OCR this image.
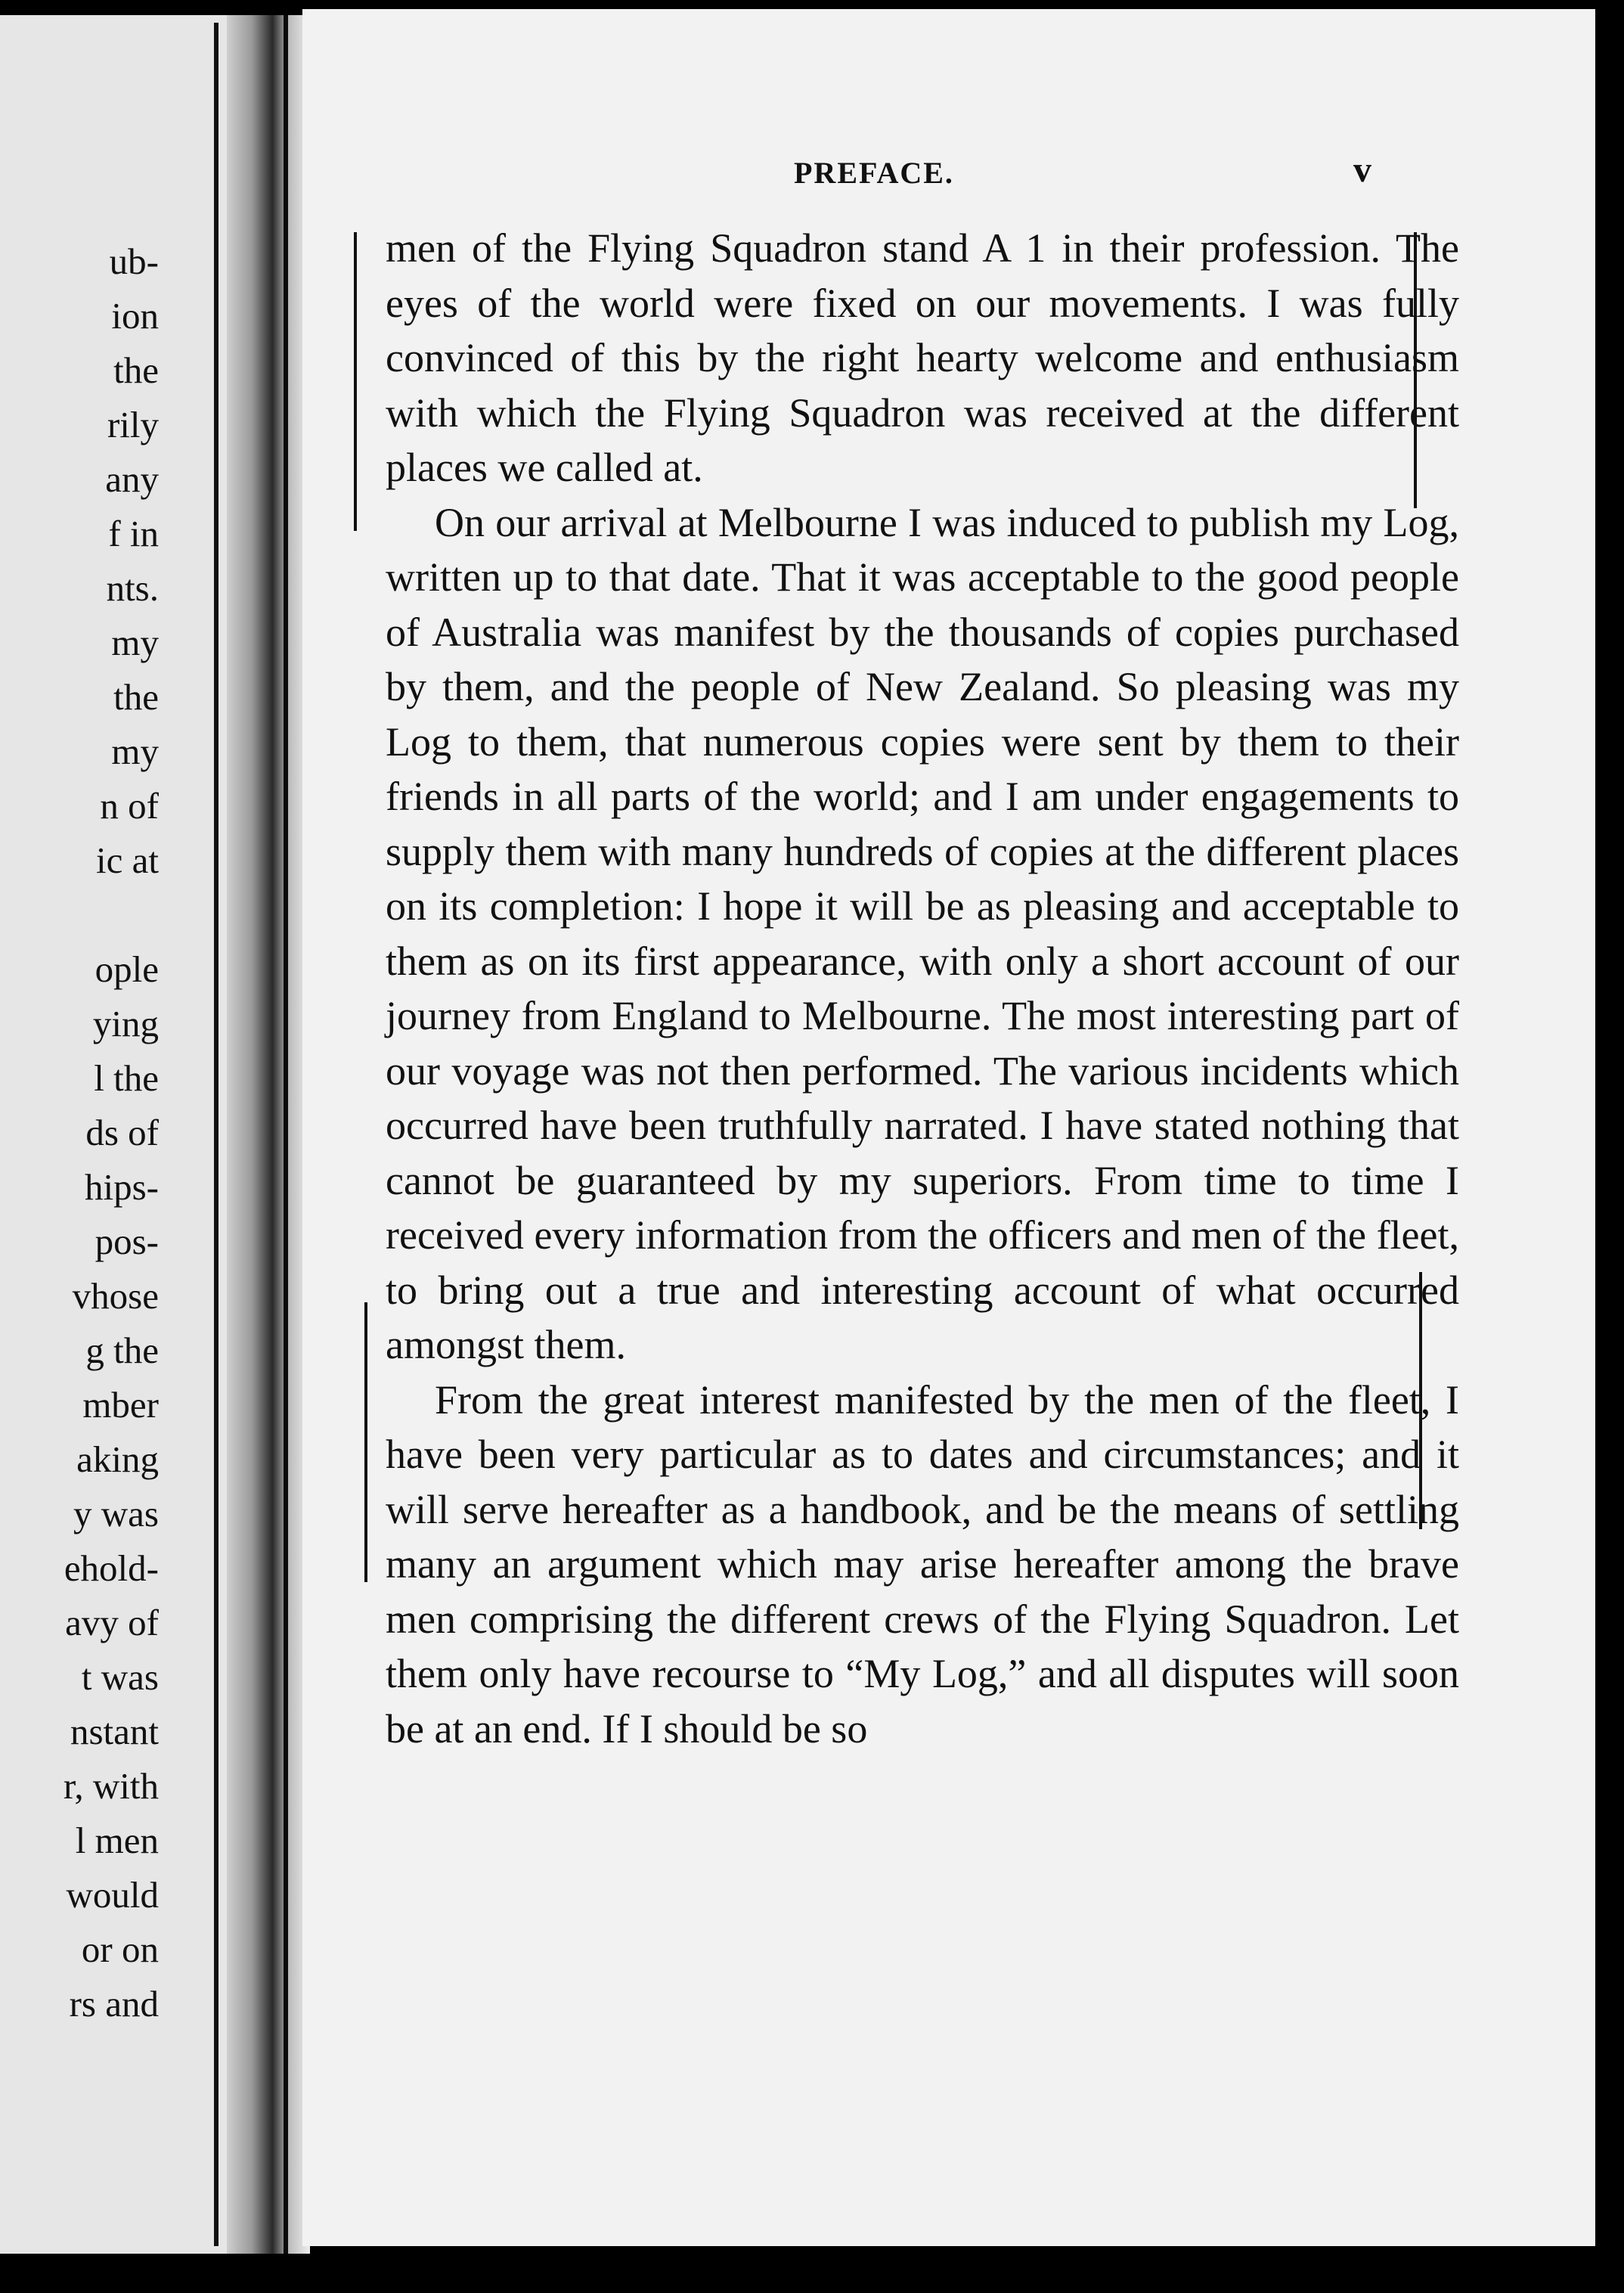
ub-
ion
the
rily
any
f in
nts.
my
the
my
n of
ic at
ople
ying
l the
ds of
hips-
pos-
vhose
g the
mber
aking
y was
ehold-
avy of
t was
nstant
r, with
l men
would
or on
rs and
PREFACE.	v

men of the Flying Squadron stand A 1 in their profession. The eyes of the world were fixed on our movements. I was fully convinced of this by the right hearty welcome and enthusiasm with which the Flying Squadron was received at the different places we called at.

On our arrival at Melbourne I was induced to publish my Log, written up to that date. That it was acceptable to the good people of Australia was manifest by the thousands of copies purchased by them, and the people of New Zealand. So pleasing was my Log to them, that numerous copies were sent by them to their friends in all parts of the world; and I am under engagements to supply them with many hundreds of copies at the different places on its completion: I hope it will be as pleasing and acceptable to them as on its first appearance, with only a short account of our journey from England to Melbourne. The most interesting part of our voyage was not then performed. The various incidents which occurred have been truthfully narrated. I have stated nothing that cannot be guaranteed by my superiors. From time to time I received every information from the officers and men of the fleet, to bring out a true and interesting account of what occurred amongst them.

From the great interest manifested by the men of the fleet, I have been very particular as to dates and circumstances; and it will serve hereafter as a handbook, and be the means of settling many an argument which may arise hereafter among the brave men comprising the different crews of the Flying Squadron. Let them only have recourse to “My Log,” and all disputes will soon be at an end. If I should be so
